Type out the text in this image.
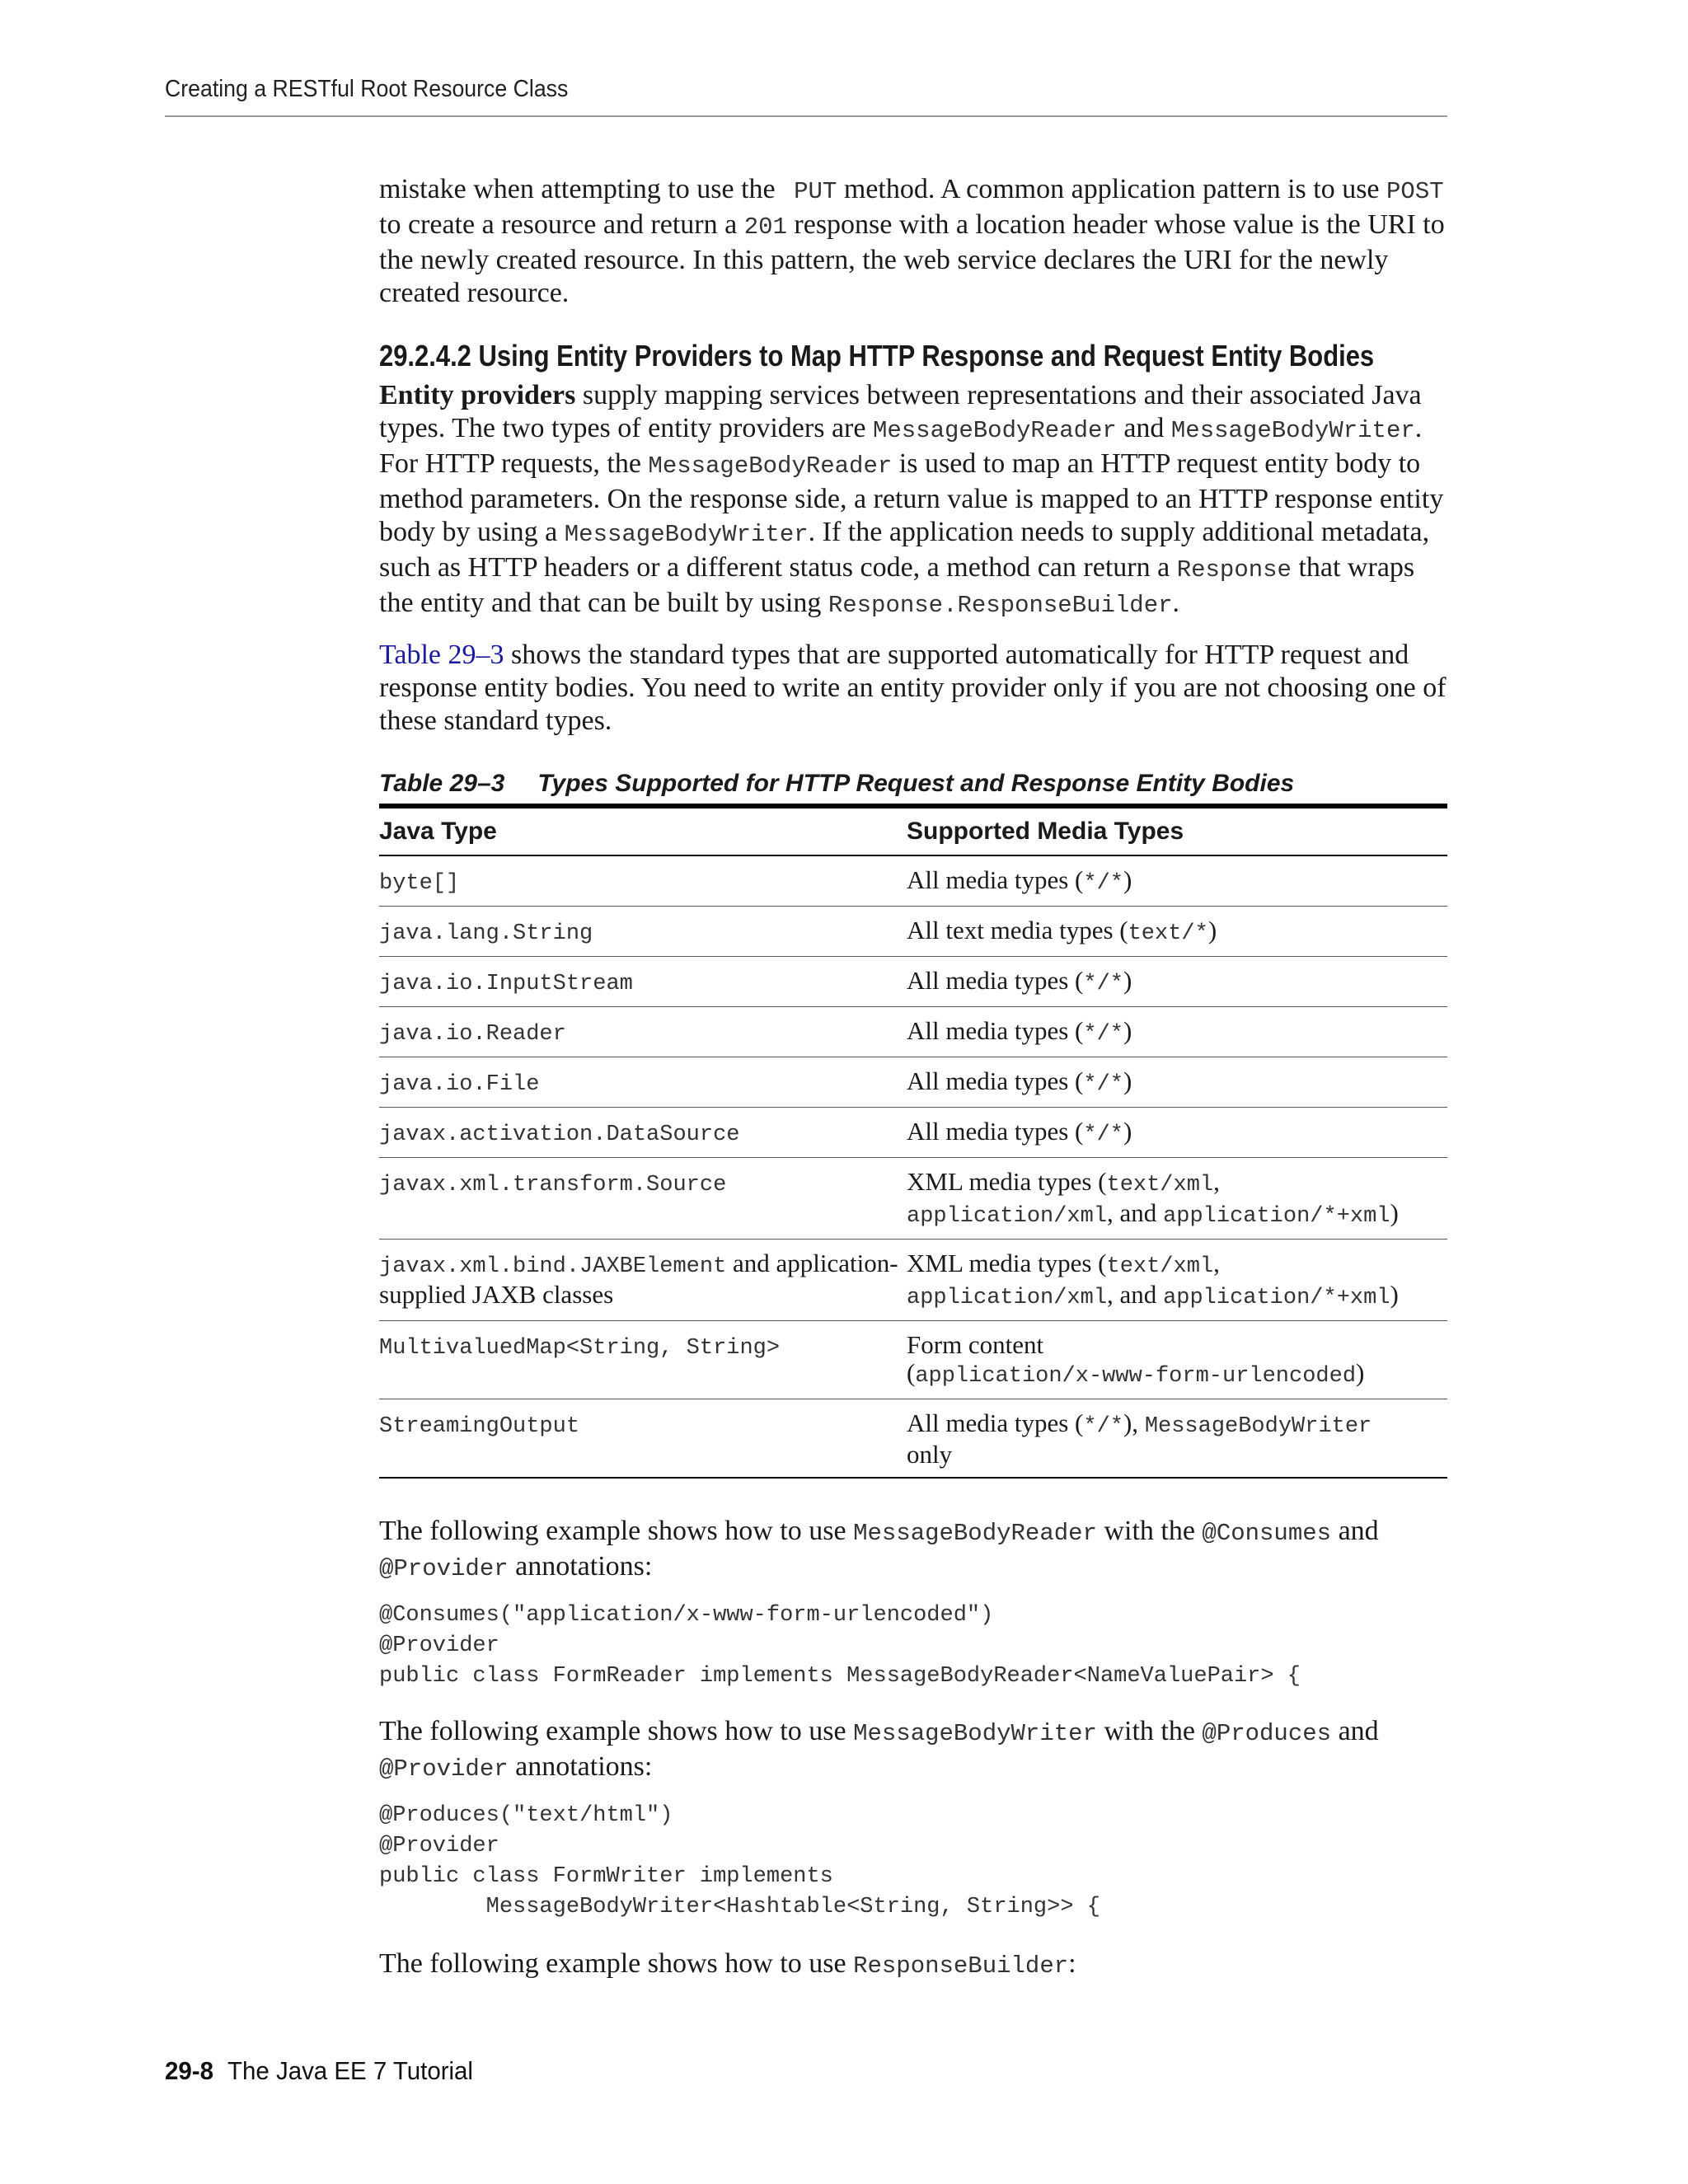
Creating a RESTful Root Resource Class

mistake when attempting to use the PUT method. A common application pattern is to use POST to create a resource and return a 201 response with a location header whose value is the URI to the newly created resource. In this pattern, the web service declares the URI for the newly created resource.

29.2.4.2 Using Entity Providers to Map HTTP Response and Request Entity Bodies

Entity providers supply mapping services between representations and their associated Java types. The two types of entity providers are MessageBodyReader and MessageBodyWriter. For HTTP requests, the MessageBodyReader is used to map an HTTP request entity body to method parameters. On the response side, a return value is mapped to an HTTP response entity body by using a MessageBodyWriter. If the application needs to supply additional metadata, such as HTTP headers or a different status code, a method can return a Response that wraps the entity and that can be built by using Response.ResponseBuilder.

Table 29–3 shows the standard types that are supported automatically for HTTP request and response entity bodies. You need to write an entity provider only if you are not choosing one of these standard types.

Table 29–3 Types Supported for HTTP Request and Response Entity Bodies
Java Type	Supported Media Types
byte[]	All media types (*/*)
java.lang.String	All text media types (text/*)
java.io.InputStream	All media types (*/*)
java.io.Reader	All media types (*/*)
java.io.File	All media types (*/*)
javax.activation.DataSource	All media types (*/*)
javax.xml.transform.Source	XML media types (text/xml,
application/xml, and application/*+xml)
javax.xml.bind.JAXBElement and application-supplied JAXB classes	XML media types (text/xml,
application/xml, and application/*+xml)
MultivaluedMap<String, String>	Form content
(application/x-www-form-urlencoded)
StreamingOutput	All media types (*/*), MessageBodyWriter
only

The following example shows how to use MessageBodyReader with the @Consumes and @Provider annotations:

@Consumes("application/x-www-form-urlencoded")
@Provider
public class FormReader implements MessageBodyReader<NameValuePair> {

The following example shows how to use MessageBodyWriter with the @Produces and @Provider annotations:

@Produces("text/html")
@Provider
public class FormWriter implements
MessageBodyWriter<Hashtable<String, String>> {

The following example shows how to use ResponseBuilder:

29-8 The Java EE 7 Tutorial
